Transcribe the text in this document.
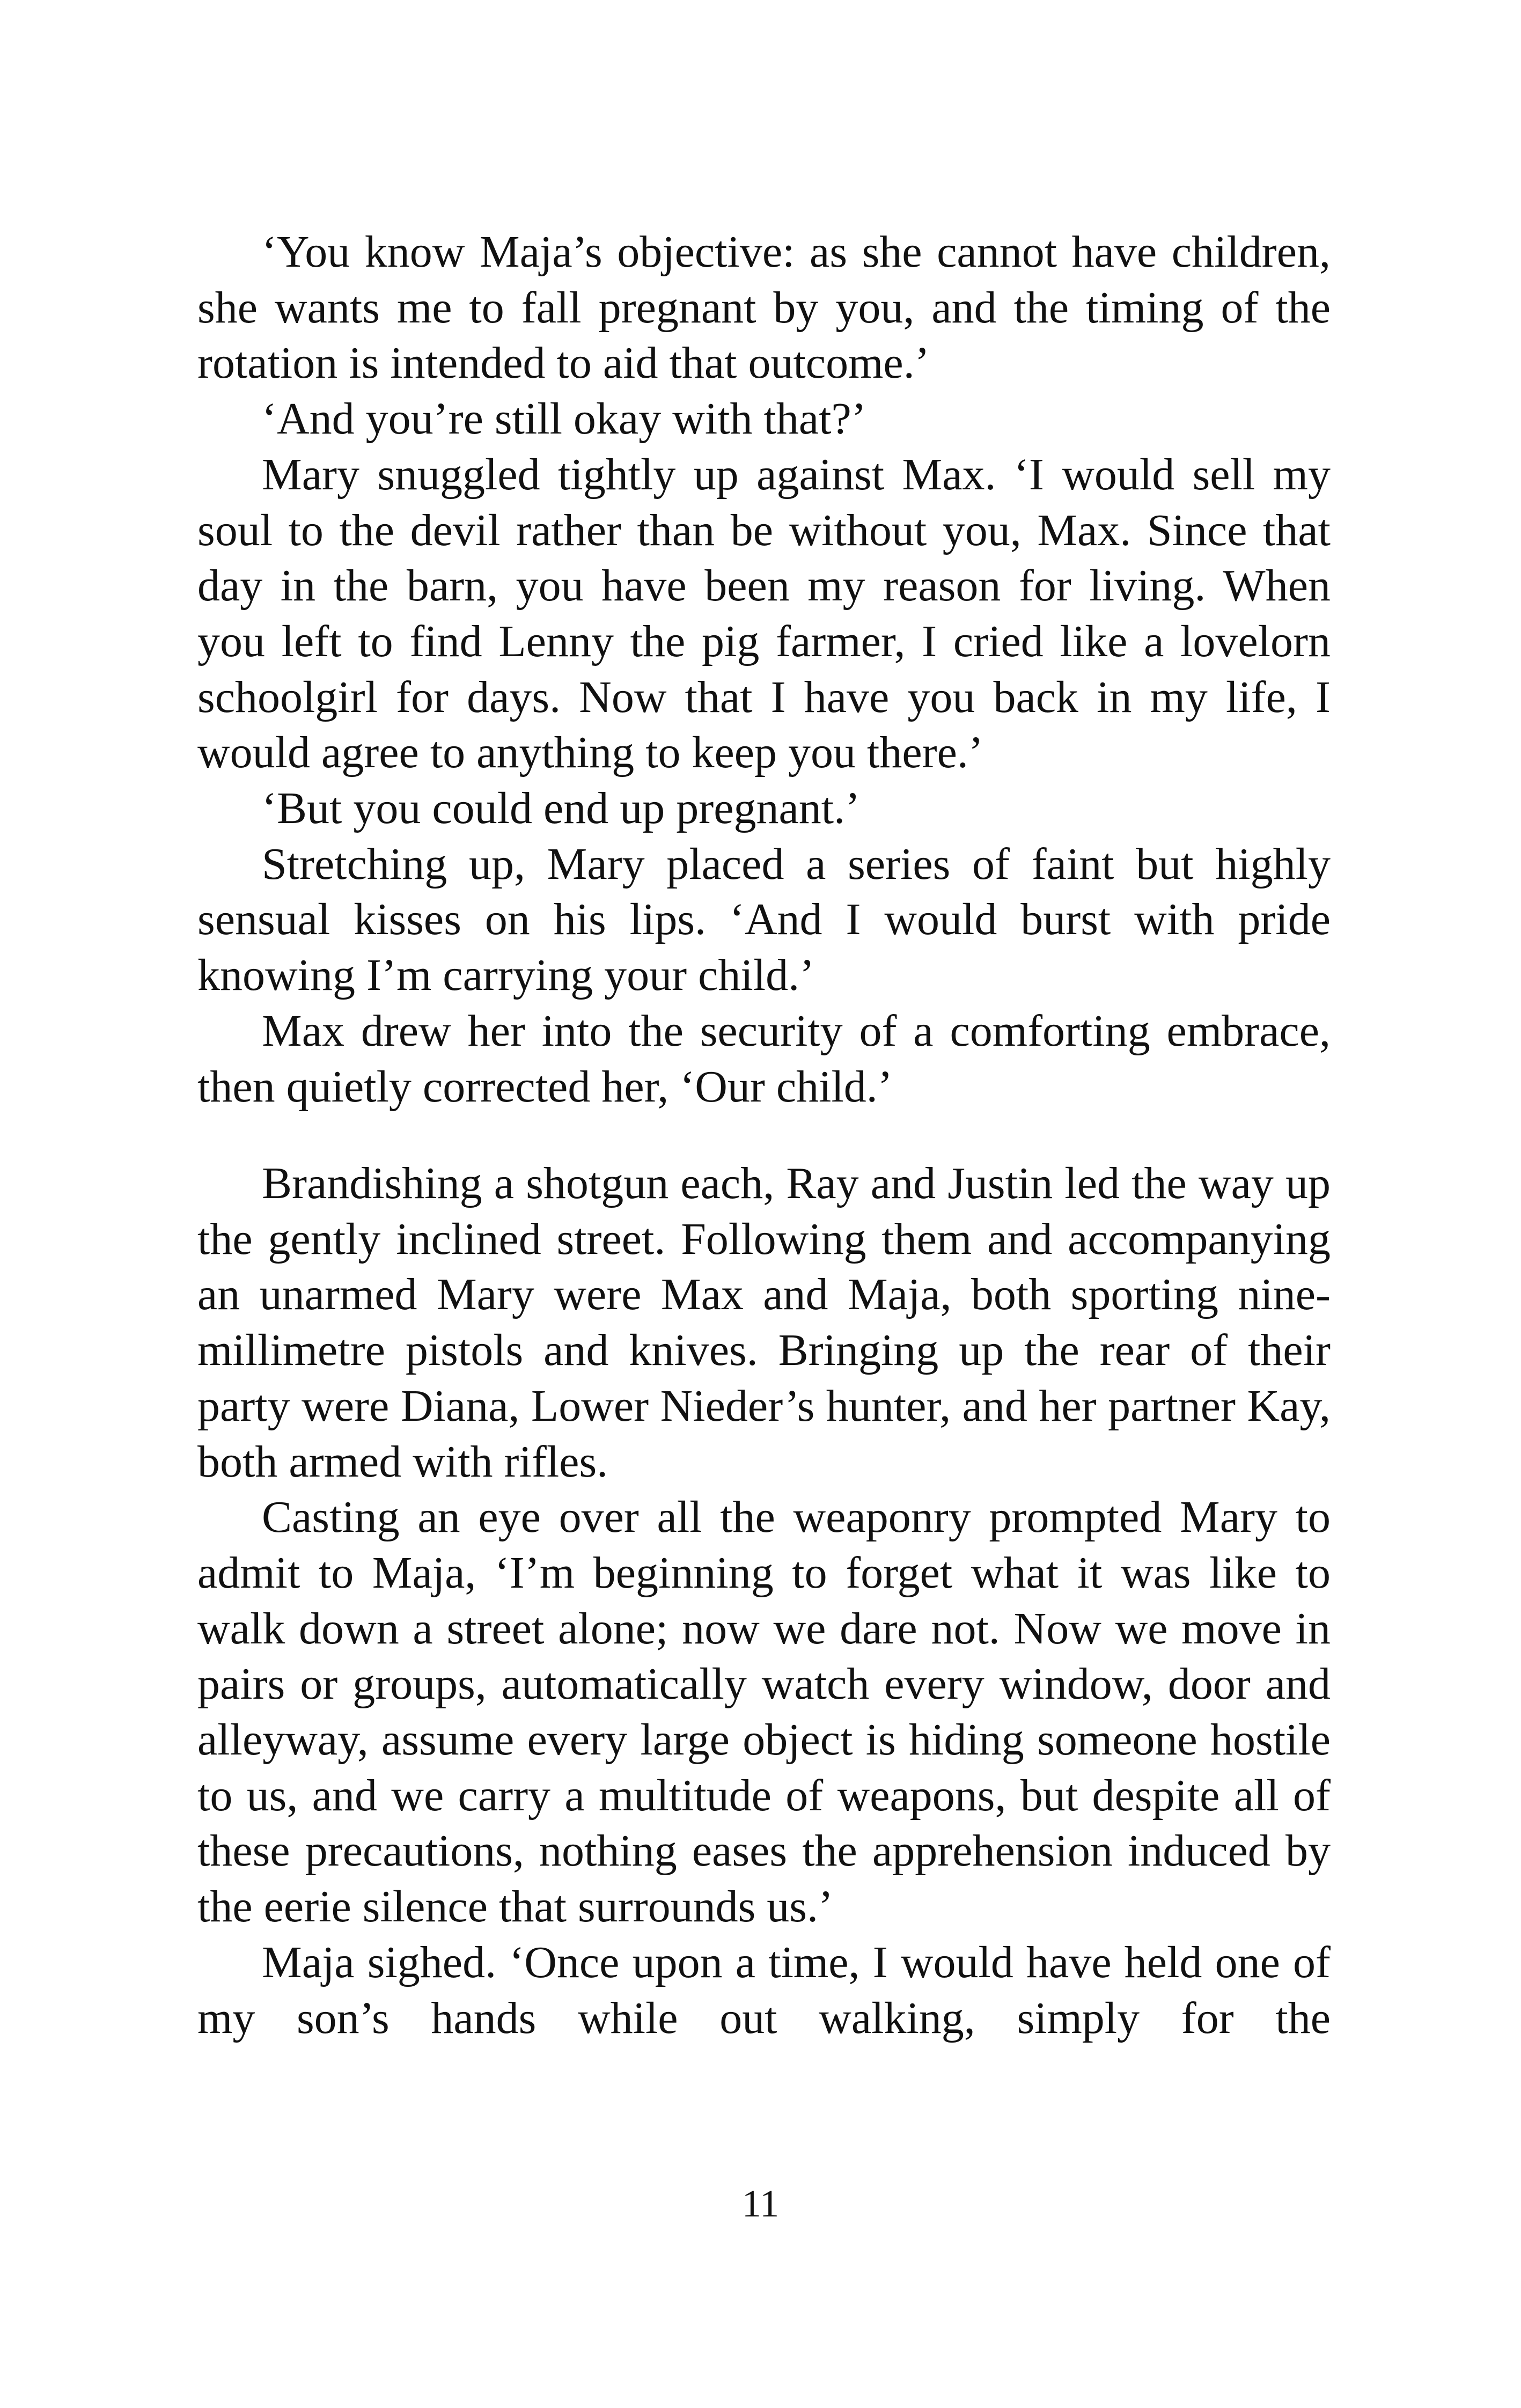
‘You know Maja’s objective: as she cannot have children, she wants me to fall pregnant by you, and the timing of the rotation is intended to aid that outcome.’

‘And you’re still okay with that?’

Mary snuggled tightly up against Max. ‘I would sell my soul to the devil rather than be without you, Max. Since that day in the barn, you have been my reason for living. When you left to find Lenny the pig farmer, I cried like a lovelorn schoolgirl for days. Now that I have you back in my life, I would agree to anything to keep you there.’

‘But you could end up pregnant.’

Stretching up, Mary placed a series of faint but highly sensual kisses on his lips. ‘And I would burst with pride knowing I’m carrying your child.’

Max drew her into the security of a comforting embrace, then quietly corrected her, ‘Our child.’

Brandishing a shotgun each, Ray and Justin led the way up the gently inclined street. Following them and accompanying an unarmed Mary were Max and Maja, both sporting nine-millimetre pistols and knives. Bringing up the rear of their party were Diana, Lower Nieder’s hunter, and her partner Kay, both armed with rifles.

Casting an eye over all the weaponry prompted Mary to admit to Maja, ‘I’m beginning to forget what it was like to walk down a street alone; now we dare not. Now we move in pairs or groups, automatically watch every window, door and alleyway, assume every large object is hiding someone hostile to us, and we carry a multitude of weapons, but despite all of these precautions, nothing eases the apprehension induced by the eerie silence that surrounds us.’

Maja sighed. ‘Once upon a time, I would have held one of my son’s hands while out walking, simply for the

11
